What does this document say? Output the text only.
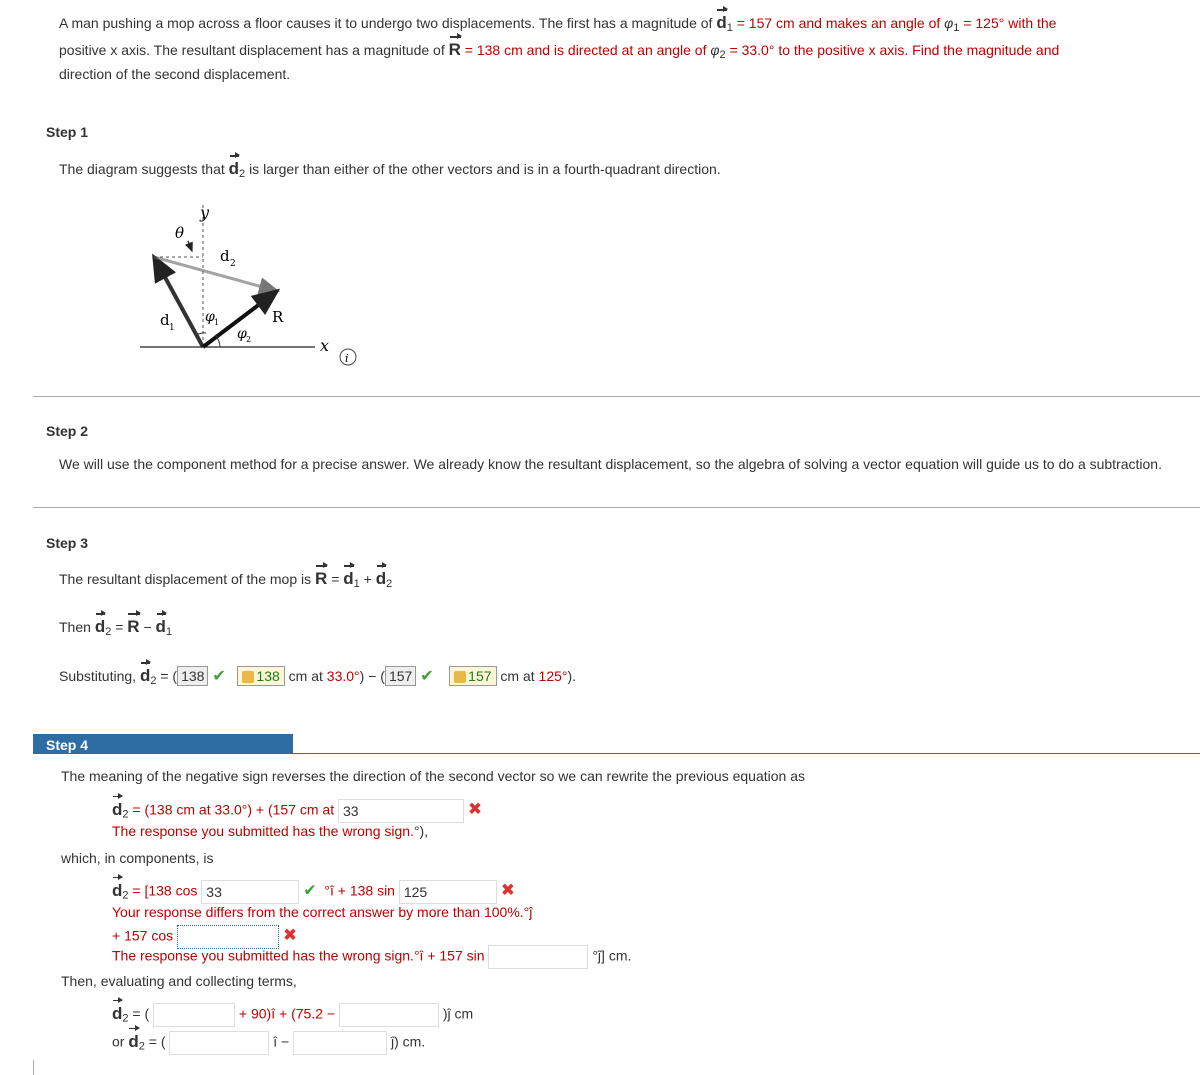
A man pushing a mop across a floor causes it to undergo two displacements. The first has a magnitude of $d_1 = 157$ cm and makes an angle of $\varphi_1 = 125^\circ$ with the
positive x axis. The resultant displacement has a magnitude of R = 138 cm and is directed at an angle of $\varphi_2 = 33.0^\circ$ to the positive x axis. Find the magnitude and
direction of the second displacement.
Step 1
The diagram suggests that $d_2$ is larger than either of the other vectors and is in a fourth-quadrant direction.
y
θ
d 2
R
d 1
φ 1
φ 2	x
i
Step 2
We will use the component method for a precise answer. We already know the resultant displacement, so the algebra of solving a vector equation will guide us to do a subtraction.
Step 3
The resultant displacement of the mop is $R = d_1 + d_2$
Then $d_2 = R - d_1$
Substituting, $d_2$ = ( 138 ✔ 138 cm at 33.0°) − ( 157 ✔ 157 cm at 125°).
Step 4
The meaning of the negative sign reverses the direction of the second vector so we can rewrite the previous equation as
$d_2 = (138$ cm at 33.0°) + (157 cm at 33	✖
The response you submitted has the wrong sign.°),
which, in components, is
$d_2 = [138$ cos 33	✔ °î + 138 sin 125	✖
Your response differs from the correct answer by more than 100%.°ĵ
+ 157 cos	✖
The response you submitted has the wrong sign.°î + 157 sin	°ĵ] cm.
Then, evaluating and collecting terms,
$d_2$ = (	+ 90)î + (75.2 −	)ĵ cm
or $d_2$ = (	î −	ĵ) cm.
